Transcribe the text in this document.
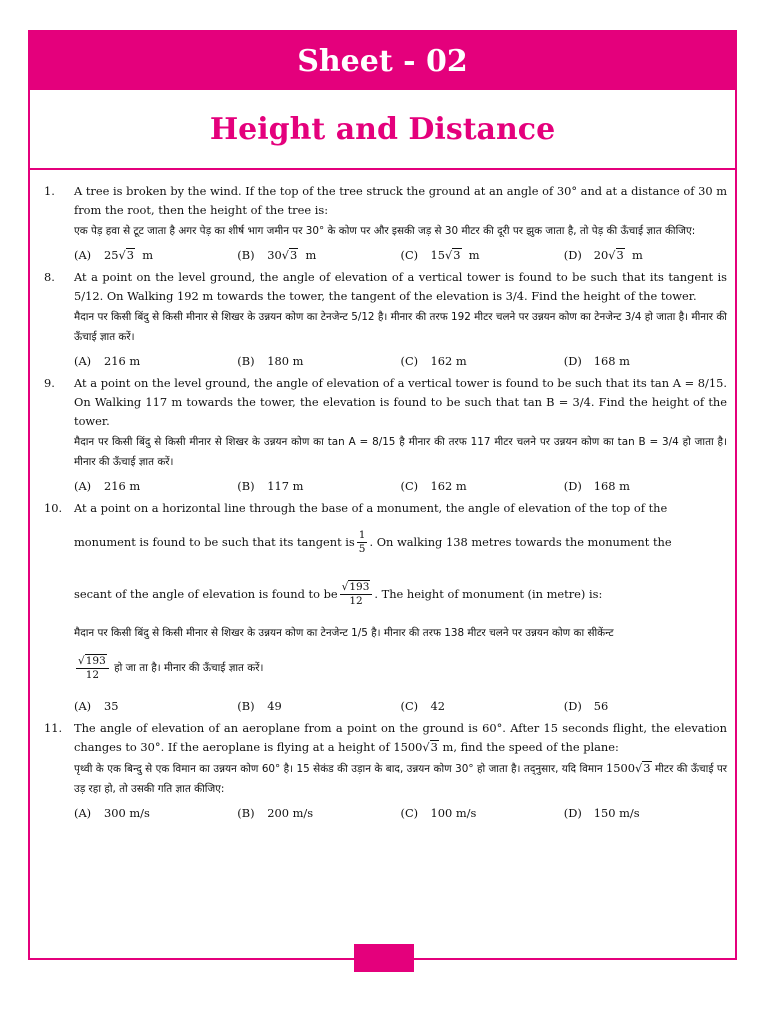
Sheet - 02
Height and Distance
1. A tree is broken by the wind. If the top of the tree struck the ground at an angle of 30° and at a distance of 30 m from the root, then the height of the tree is:
एक पेड़ हवा से टूट जाता है अगर पेड़ का शीर्ष भाग जमीन पर 30° के कोण पर और इसकी जड़ से 30 मीटर की दूरी पर झुक जाता है, तो पेड़ की ऊँचाई ज्ञात कीजिए:
(A)	25√3
m	(B)	30√3
m	(C)	15√3
m	(D)	20√3
m
8. At a point on the level ground, the angle of elevation of a vertical tower is found to be such that its tangent is 5/12. On Walking 192 m towards the tower, the tangent of the elevation is 3/4. Find the height of the tower.
मैदान पर किसी बिंदु से किसी मीनार से शिखर के उन्नयन कोण का टेनजेन्ट 5/12 है। मीनार की तरफ 192 मीटर चलने पर उन्नयन कोण का टेनजेन्ट 3/4 हो जाता है। मीनार की ऊँचाई ज्ञात करें।
(A)	216 m	(B)	180 m	(C)	162 m	(D)	168 m
9. At a point on the level ground, the angle of elevation of a vertical tower is found to be such that its tan A = 8/15. On Walking 117 m towards the tower, the elevation is found to be such that tan B = 3/4. Find the height of the tower.
मैदान पर किसी बिंदु से किसी मीनार से शिखर के उन्नयन कोण का tan A = 8/15 है मीनार की तरफ 117 मीटर चलने पर उन्नयन कोण का tan B = 3/4 हो जाता है। मीनार की ऊँचाई ज्ञात करें।
(A)	216 m	(B)	117 m	(C)	162 m	(D)	168 m
10. At a point on a horizontal line through the base of a monument, the angle of elevation of the top of the
monument is found to be such that its tangent is $\frac{1}{5}$ . On walking 138 metres towards the monument the
secant of the angle of elevation is found to be $\frac{√193}{12}$ . The height of monument (in metre) is:
मैदान पर किसी बिंदु से किसी मीनार से शिखर के उन्नयन कोण का टेनजेन्ट 1/5 है। मीनार की तरफ 138 मीटर चलने पर उन्नयन कोण का सीकेंन्ट
$\frac{√193}{12}$
हो जा ता है। मीनार की ऊँचाई ज्ञात करें।
(A)	35	(B)	49	(C)	42	(D)	56
11. The angle of elevation of an aeroplane from a point on the ground is 60°. After 15 seconds flight, the elevation changes to 30°. If the aeroplane is flying at a height of 1500√3 m, find the speed of the plane:
पृथ्वी के एक बिन्दु से एक विमान का उन्नयन कोण 60° है। 15 सेकंड की उड़ान के बाद, उन्नयन कोण 30° हो जाता है। तद्नुसार, यदि विमान 1500√3 मीटर की ऊँचाई पर उड़ रहा हो, तो उसकी गति ज्ञात कीजिए:
(A)	300 m/s	(B)	200 m/s	(C)	100 m/s	(D)	150 m/s
